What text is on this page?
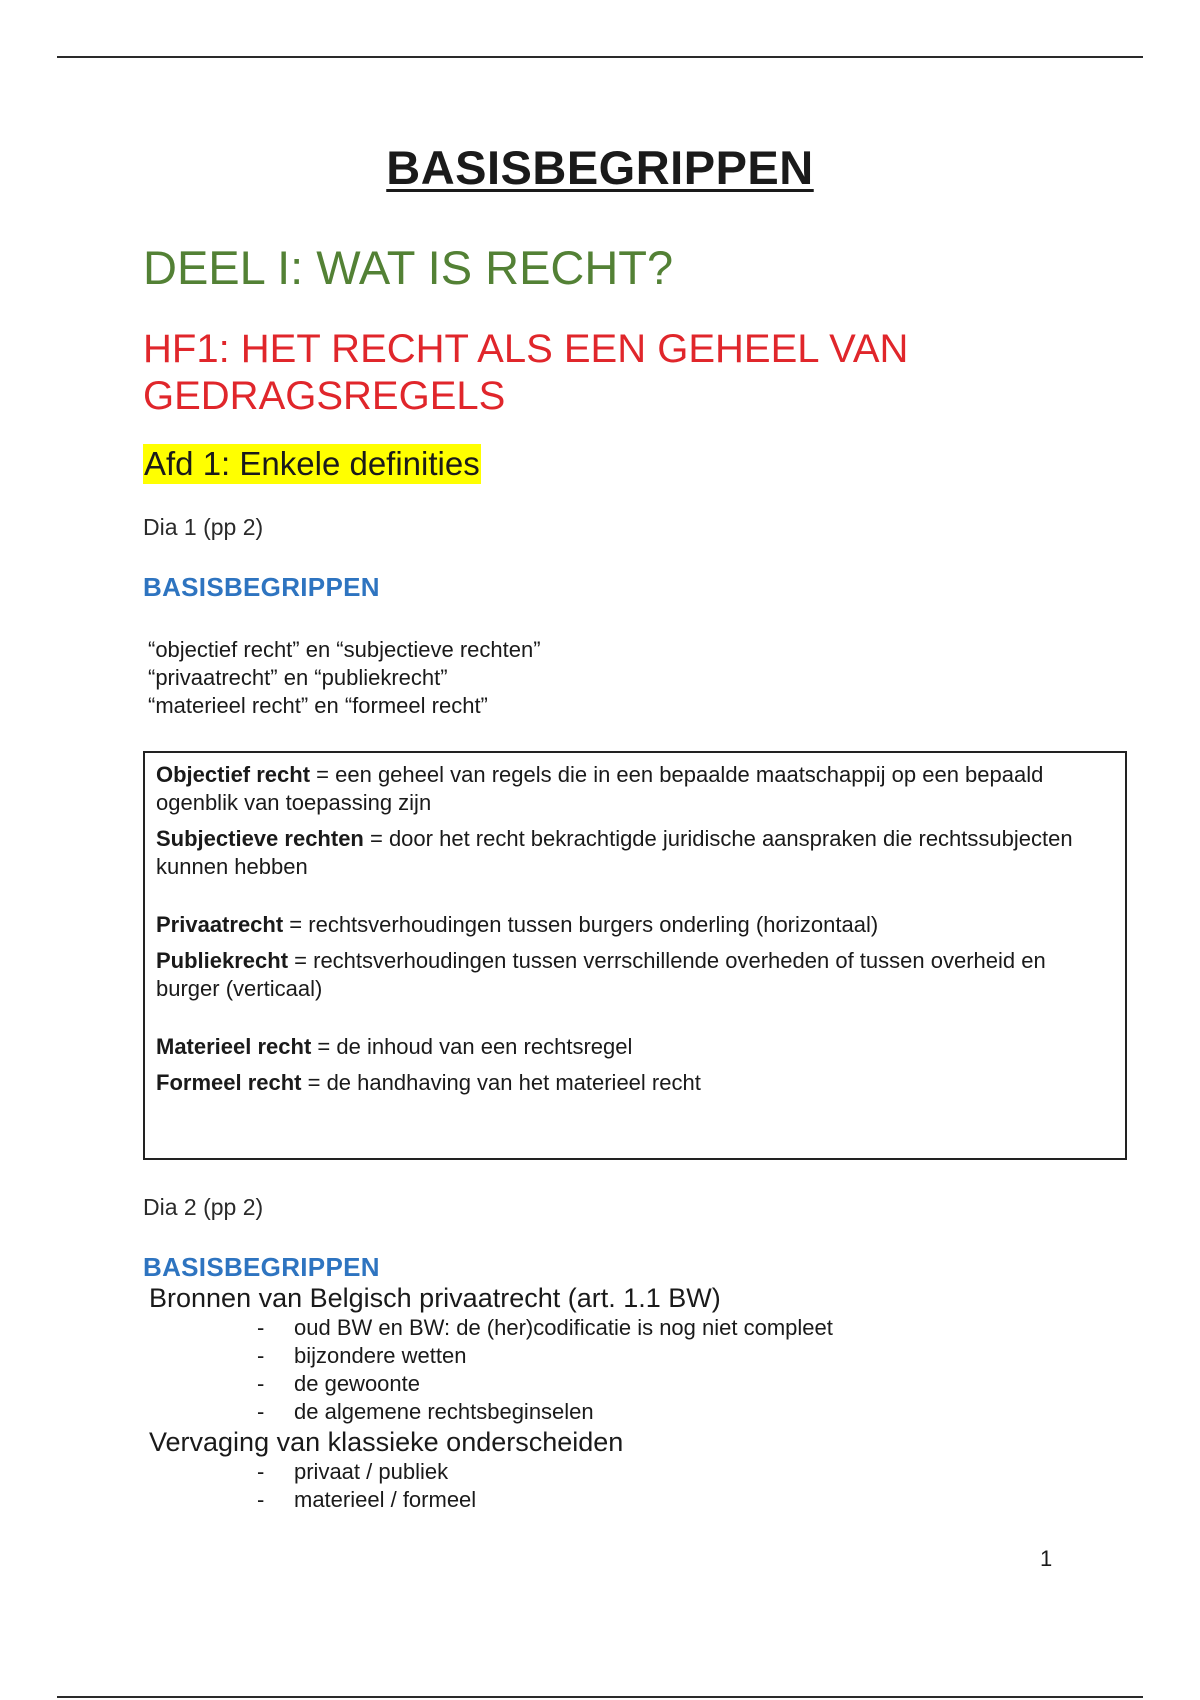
BASISBEGRIPPEN
DEEL I: WAT IS RECHT?
HF1: HET RECHT ALS EEN GEHEEL VAN
GEDRAGSREGELS
Afd 1: Enkele definities
Dia 1 (pp 2)
BASISBEGRIPPEN
“objectief recht” en “subjectieve rechten”
“privaatrecht” en “publiekrecht”
“materieel recht” en “formeel recht”
Objectief recht = een geheel van regels die in een bepaalde maatschappij op een bepaald ogenblik van toepassing zijn
Subjectieve rechten = door het recht bekrachtigde juridische aanspraken die rechtssubjecten kunnen hebben
Privaatrecht = rechtsverhoudingen tussen burgers onderling (horizontaal)
Publiekrecht = rechtsverhoudingen tussen verrschillende overheden of tussen overheid en burger (verticaal)
Materieel recht = de inhoud van een rechtsregel
Formeel recht = de handhaving van het materieel recht
Dia 2 (pp 2)
BASISBEGRIPPEN
Bronnen van Belgisch privaatrecht (art. 1.1 BW)
- oud BW en BW: de (her)codificatie is nog niet compleet
- bijzondere wetten
- de gewoonte
- de algemene rechtsbeginselen
Vervaging van klassieke onderscheiden
- privaat / publiek
- materieel / formeel
1
